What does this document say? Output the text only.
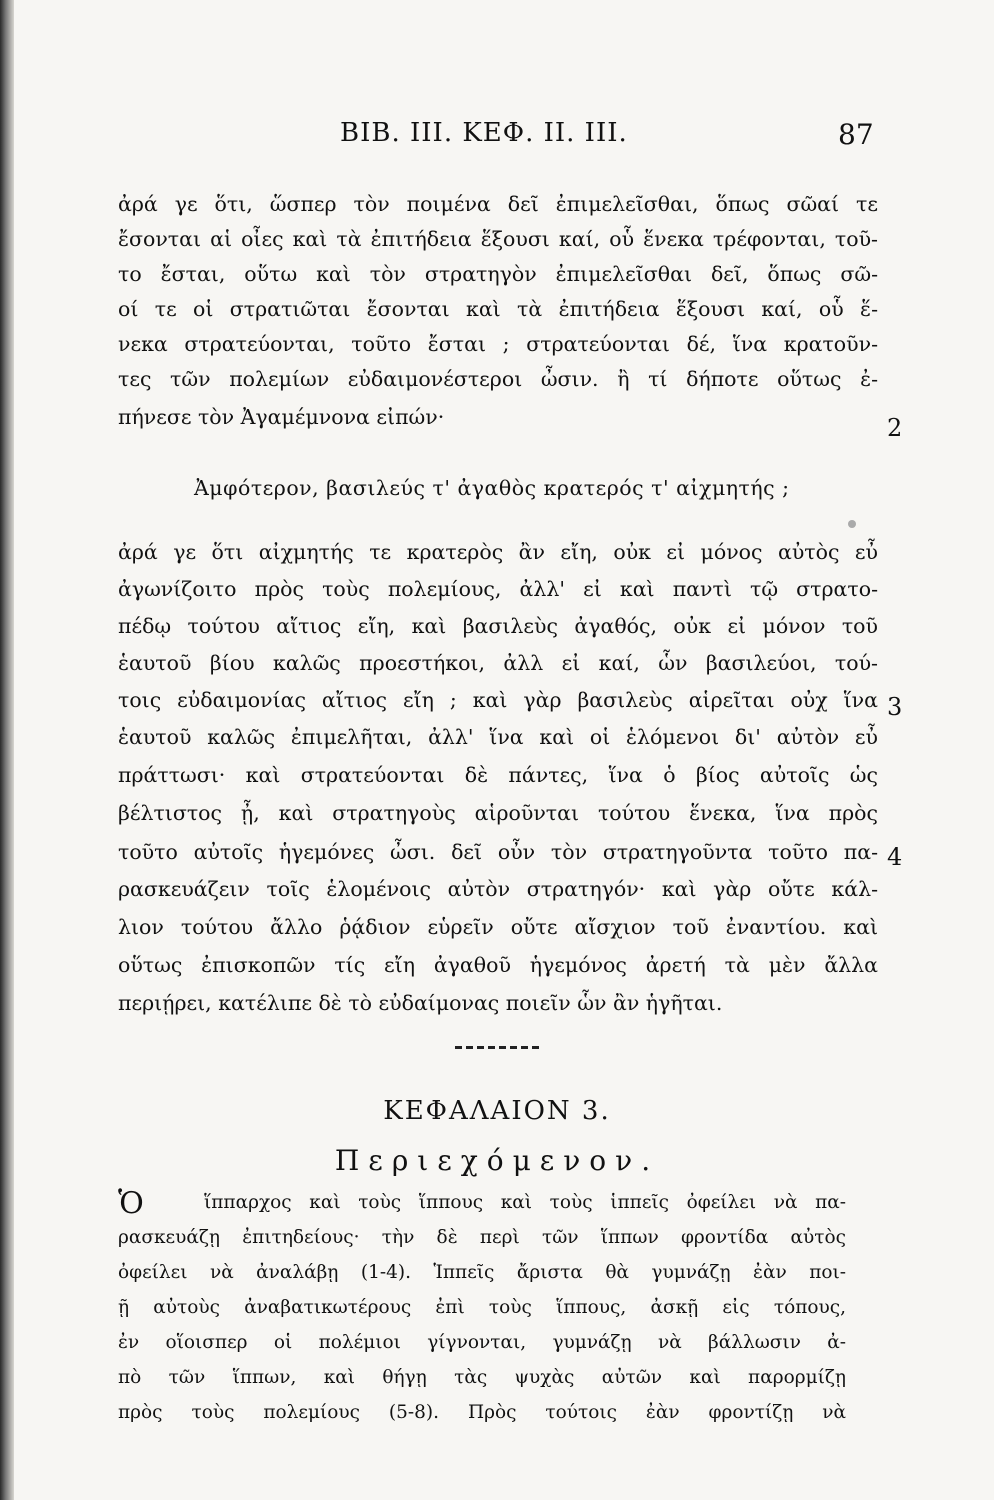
ΒΙΒ. ΙΙΙ. ΚΕΦ. ΙΙ. ΙΙΙ.	87
ἀρά γε ὅτι, ὥσπερ τὸν ποιμένα δεῖ ἐπιμελεῖσθαι, ὅπως σῶαί τε
ἔσονται αἱ οἶες καὶ τὰ ἐπιτήδεια ἕξουσι καί, οὗ ἕνεκα τρέφονται, τοῦ-
το ἔσται, οὕτω καὶ τὸν στρατηγὸν ἐπιμελεῖσθαι δεῖ, ὅπως σῶ-
οί τε οἱ στρατιῶται ἔσονται καὶ τὰ ἐπιτήδεια ἕξουσι καί, οὗ ἕ-
νεκα στρατεύονται, τοῦτο ἔσται ; στρατεύονται δέ, ἵνα κρατοῦν-
τες τῶν πολεμίων εὐδαιμονέστεροι ὦσιν. ἢ τί δήποτε οὕτως ἐ-
πήνεσε τὸν Ἀγαμέμνονα εἰπών·	2
Ἀμφότερον, βασιλεύς τ' ἀγαθὸς κρατερός τ' αἰχμητής ;
ἀρά γε ὅτι αἰχμητής τε κρατερὸς ἂν εἴη, οὐκ εἰ μόνος αὐτὸς εὖ
ἀγωνίζοιτο πρὸς τοὺς πολεμίους, ἀλλ' εἰ καὶ παντὶ τῷ στρατο-
πέδῳ τούτου αἴτιος εἴη, καὶ βασιλεὺς ἀγαθός, οὐκ εἰ μόνον τοῦ
ἑαυτοῦ βίου καλῶς προεστήκοι, ἀλλ εἰ καί, ὧν βασιλεύοι, τού-
τοις εὐδαιμονίας αἴτιος εἴη ; καὶ γὰρ βασιλεὺς αἱρεῖται οὐχ ἵνα
ἑαυτοῦ καλῶς ἐπιμελῆται, ἀλλ' ἵνα καὶ οἱ ἑλόμενοι δι' αὐτὸν εὖ
πράττωσι· καὶ στρατεύονται δὲ πάντες, ἵνα ὁ βίος αὐτοῖς ὡς
βέλτιστος ᾖ, καὶ στρατηγοὺς αἱροῦνται τούτου ἕνεκα, ἵνα πρὸς
τοῦτο αὐτοῖς ἡγεμόνες ὦσι. δεῖ οὖν τὸν στρατηγοῦντα τοῦτο πα-
ρασκευάζειν τοῖς ἑλομένοις αὐτὸν στρατηγόν· καὶ γὰρ οὔτε κάλ-
λιον τούτου ἄλλο ῥᾴδιον εὑρεῖν οὔτε αἴσχιον τοῦ ἐναντίου. καὶ
οὕτως ἐπισκοπῶν τίς εἴη ἀγαθοῦ ἡγεμόνος ἀρετή τὰ μὲν ἄλλα
περιῄρει, κατέλιπε δὲ τὸ εὐδαίμονας ποιεῖν ὧν ἂν ἡγῆται.
3
4
ΚΕΦΑΛΑΙΟΝ 3.
Περιεχόμενον.
Ὁ	ἵππαρχος καὶ τοὺς ἵππους καὶ τοὺς ἱππεῖς ὀφείλει νὰ πα-
ρασκευάζῃ ἐπιτηδείους· τὴν δὲ περὶ τῶν ἵππων φροντίδα αὐτὸς
ὀφείλει νὰ ἀναλάβῃ (1-4). Ἱππεῖς ἄριστα θὰ γυμνάζῃ ἐὰν ποι-
ῇ αὐτοὺς ἀναβατικωτέρους ἐπὶ τοὺς ἵππους, ἀσκῇ εἰς τόπους,
ἐν οἵοισπερ οἱ πολέμιοι γίγνονται, γυμνάζῃ νὰ βάλλωσιν ἀ-
πὸ τῶν ἵππων, καὶ θήγῃ τὰς ψυχὰς αὐτῶν καὶ παρορμίζῃ
πρὸς τοὺς πολεμίους (5-8). Πρὸς τούτοις ἐὰν φροντίζῃ νὰ
